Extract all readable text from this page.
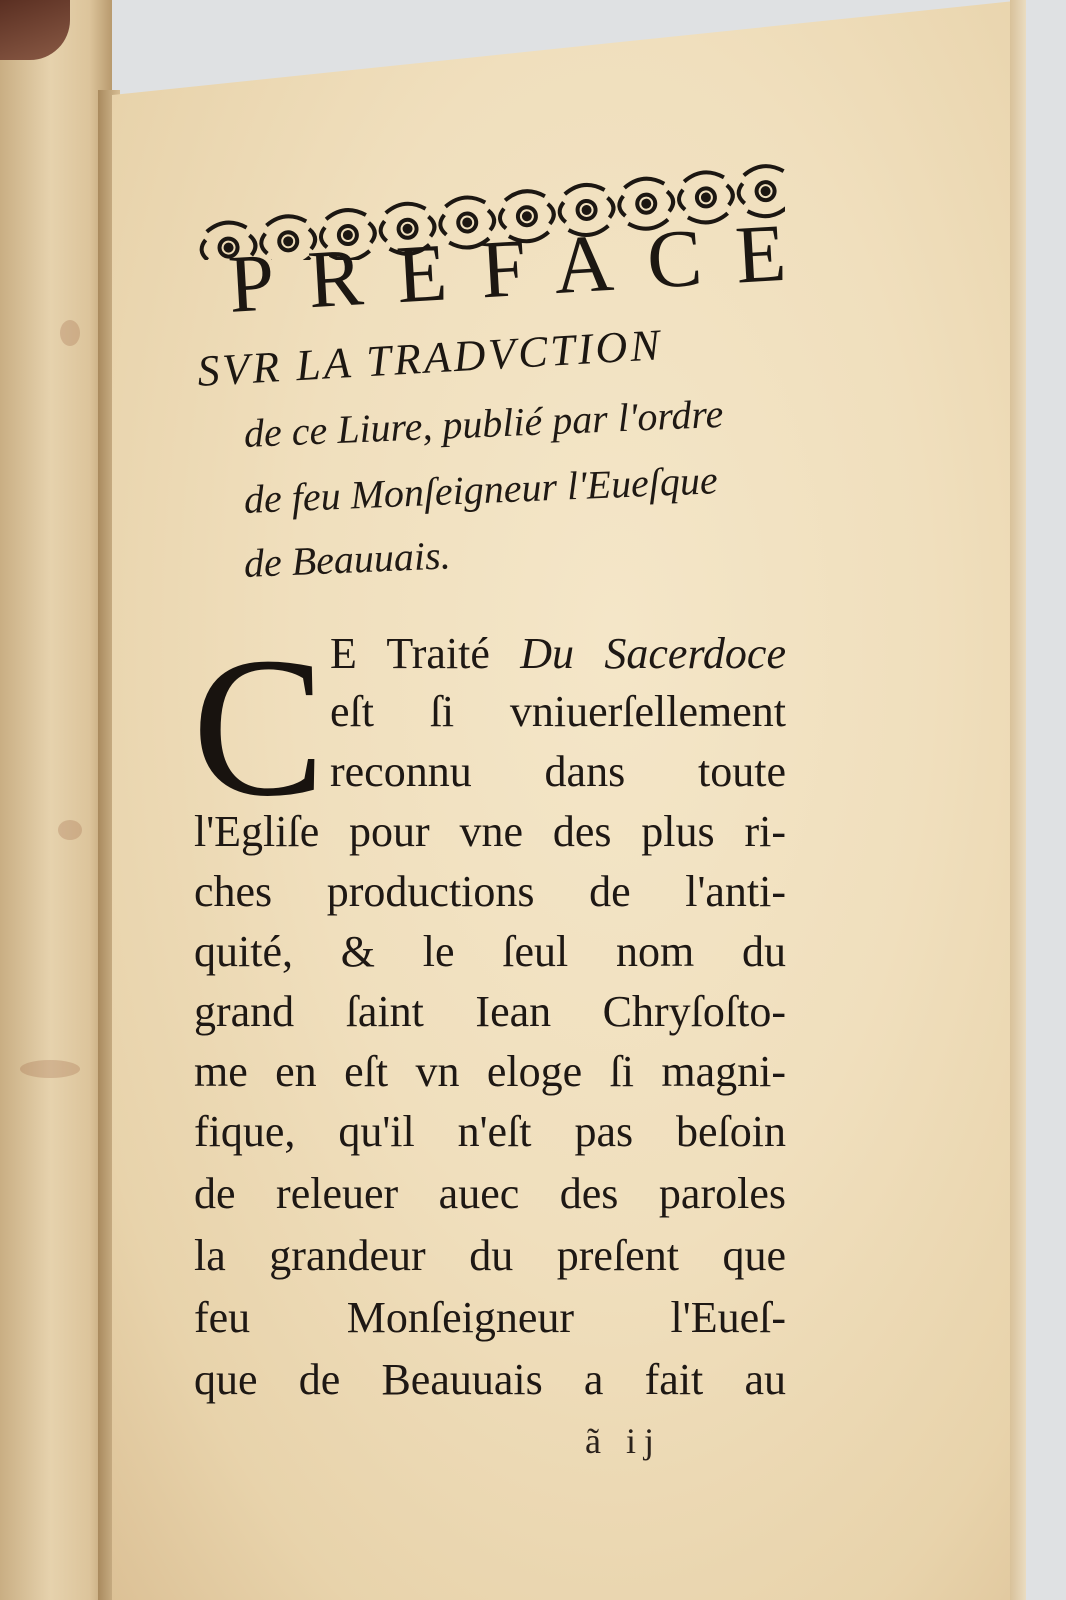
PREFACE
SVR LA TRADVCTION
de ce Liure, publié par l'ordre
de feu Monſeigneur l'Eueſque
de Beauuais.
C E Traité Du Sacerdoce
eſt ſi vniuerſellement
reconnu dans toute
l'Egliſe pour vne des plus ri-
ches productions de l'anti-
quité, & le ſeul nom du
grand ſaint Iean Chryſoſto-
me en eſt vn eloge ſi magni-
fique, qu'il n'eſt pas beſoin
de releuer auec des paroles
la grandeur du preſent que
feu Monſeigneur l'Eueſ-
que de Beauuais a fait au
ã ij
